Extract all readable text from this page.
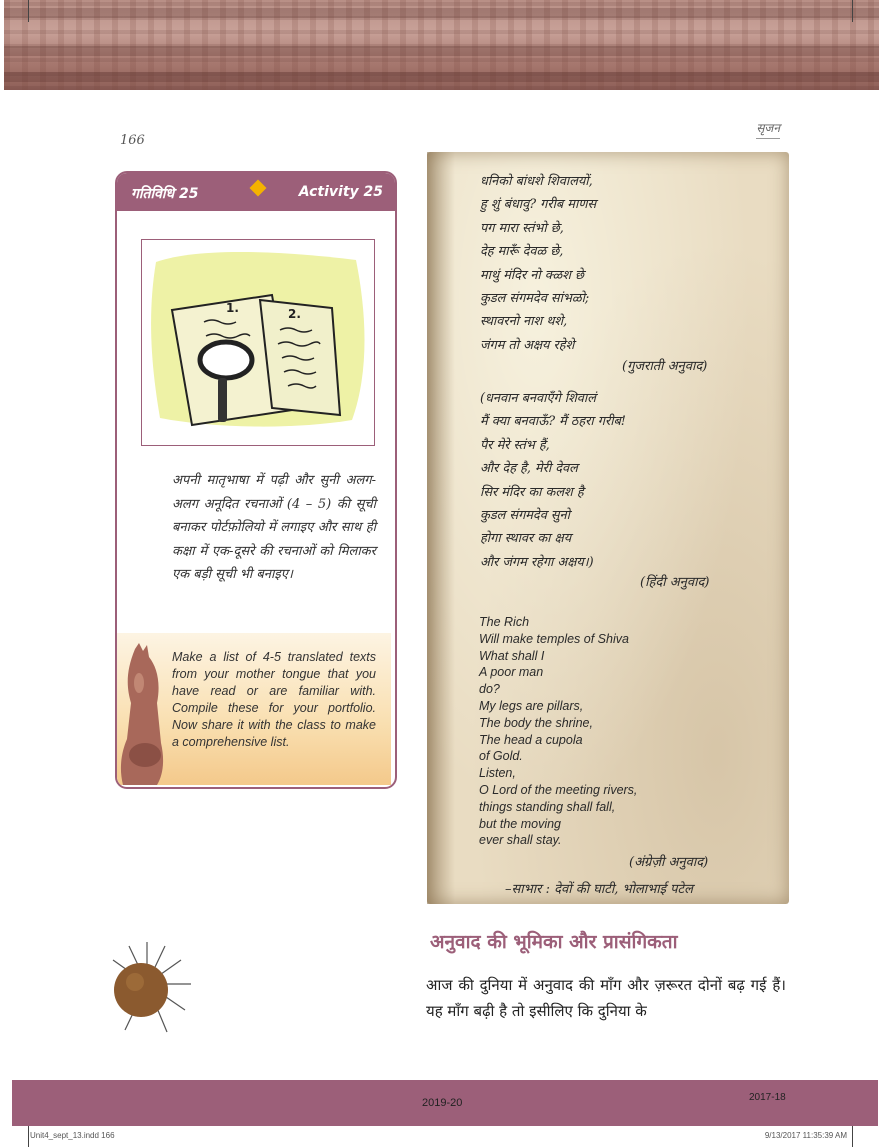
166
सृजन
गतिविधि 25	Activity 25
1.	2.
अपनी मातृभाषा में पढ़ी और सुनी अलग-अलग अनूदित रचनाओं (4 – 5) की सूची बनाकर पोर्टफ़ोलियो में लगाइए और साथ ही कक्षा में एक-दूसरे की रचनाओं को मिलाकर एक बड़ी सूची भी बनाइए।
Make a list of 4-5 translated texts from your mother tongue that you have read or are familiar with. Compile these for your portfolio. Now share it with the class to make a comprehensive list.
धनिको बांधशे शिवालयों,
हु शुं बंधावु? गरीब माणस
पग मारा स्तंभो छे,
देह मारूँ देवळ छे,
माथुं मंदिर नो क्ळश छे
कुडल संगमदेव सांभळो;
स्थावरनो नाश थशे,
जंगम तो अक्षय रहेशे
(गुजराती अनुवाद)
(धनवान बनवाएँगे शिवालं
मैं क्या बनवाऊँ? मैं ठहरा गरीब!
पैर मेरे स्तंभ हैं,
और देह है, मेरी देवल
सिर मंदिर का कलश है
कुडल संगमदेव सुनो
होगा स्थावर का क्षय
और जंगम रहेगा अक्षय।)
(हिंदी अनुवाद)
The Rich
Will make temples of Shiva
What shall I
A poor man
do?
My legs are pillars,
The body the shrine,
The head a cupola
of Gold.
Listen,
O Lord of the meeting rivers,
things standing shall fall,
but the moving
ever shall stay.
(अंग्रेज़ी अनुवाद)
–साभार : देवों की घाटी, भोलाभाई पटेल
अनुवाद की भूमिका और प्रासंगिकता
आज की दुनिया में अनुवाद की माँग और ज़रूरत दोनों बढ़ गई हैं। यह माँग बढ़ी है तो इसीलिए कि दुनिया के
2019-20	2017-18
Unit4_sept_13.indd 166	9/13/2017 11:35:39 AM
